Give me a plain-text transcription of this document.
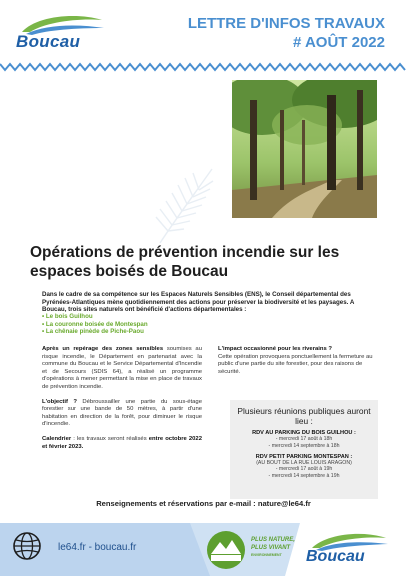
Boucau
LETTRE D'INFOS TRAVAUX
# AOÛT 2022
Opérations de prévention incendie sur les espaces boisés de Boucau
Dans le cadre de sa compétence sur les Espaces Naturels Sensibles (ENS), le Conseil départemental des Pyrénées-Atlantiques mène quotidiennement des actions pour préserver la biodiversité et les paysages. A Boucau, trois sites naturels ont bénéficié d'actions départementales :
• Le bois Guilhou
• La couronne boisée de Montespan
• La chênaie pinède de Piche-Paou

Après un repérage des zones sensibles soumises au risque incendie, le Département en partenariat avec la commune du Boucau et le Service Départemental d'Incendie et de Secours (SDIS 64), a réalisé un programme d'opérations à mener permettant la mise en place de travaux de prévention incendie.

L'objectif ? Débroussailler une partie du sous-étage forestier sur une bande de 50 mètres, à partir d'une habitation en direction de la forêt, pour diminuer le risque d'incendie.

Calendrier : les travaux seront réalisés entre octobre 2022 et février 2023.

L'impact occasionné pour les riverains ?
Cette opération provoquera ponctuellement la fermeture au public d'une partie du site forestier, pour des raisons de sécurité.
Plusieurs réunions publiques auront lieu :
RDV AU PARKING DU BOIS GUILHOU :
- mercredi 17 août à 18h
- mercredi 14 septembre à 18h
RDV PETIT PARKING MONTESPAN :
(AU BOUT DE LA RUE LOUIS ARAGON)
- mercredi 17 août à 19h
- mercredi 14 septembre à 19h
Renseignements et réservations par e-mail : nature@le64.fr
le64.fr - boucau.fr
PLUS NATURE,
PLUS VIVANT
ENVIRONNEMENT	Boucau
